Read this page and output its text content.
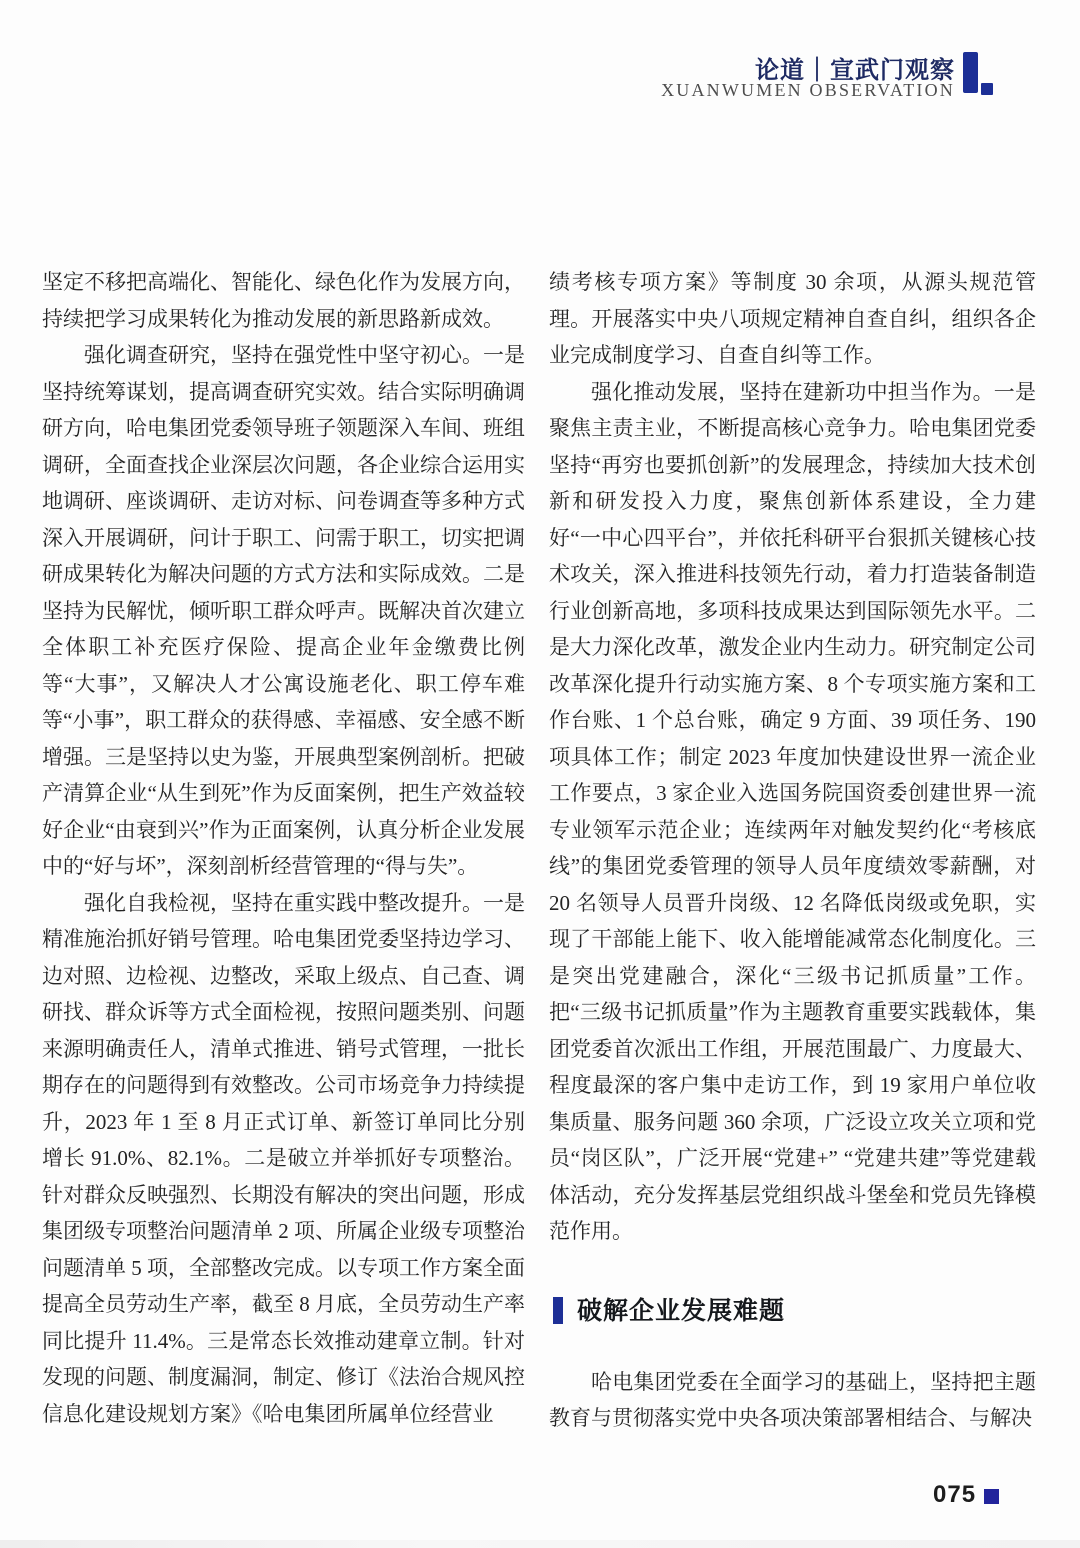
论道｜宣武门观察
XUANWUMEN OBSERVATION

坚定不移把高端化、智能化、绿色化作为发展方向，持续把学习成果转化为推动发展的新思路新成效。

强化调查研究，坚持在强党性中坚守初心。一是坚持统筹谋划，提高调查研究实效。结合实际明确调研方向，哈电集团党委领导班子领题深入车间、班组调研，全面查找企业深层次问题，各企业综合运用实地调研、座谈调研、走访对标、问卷调查等多种方式深入开展调研，问计于职工、问需于职工，切实把调研成果转化为解决问题的方式方法和实际成效。二是坚持为民解忧，倾听职工群众呼声。既解决首次建立全体职工补充医疗保险、提高企业年金缴费比例等“大事”，又解决人才公寓设施老化、职工停车难等“小事”，职工群众的获得感、幸福感、安全感不断增强。三是坚持以史为鉴，开展典型案例剖析。把破产清算企业“从生到死”作为反面案例，把生产效益较好企业“由衰到兴”作为正面案例，认真分析企业发展中的“好与坏”，深刻剖析经营管理的“得与失”。

强化自我检视，坚持在重实践中整改提升。一是精准施治抓好销号管理。哈电集团党委坚持边学习、边对照、边检视、边整改，采取上级点、自己查、调研找、群众诉等方式全面检视，按照问题类别、问题来源明确责任人，清单式推进、销号式管理，一批长期存在的问题得到有效整改。公司市场竞争力持续提升，2023 年 1 至 8 月正式订单、新签订单同比分别增长 91.0%、82.1%。二是破立并举抓好专项整治。针对群众反映强烈、长期没有解决的突出问题，形成集团级专项整治问题清单 2 项、所属企业级专项整治问题清单 5 项，全部整改完成。以专项工作方案全面提高全员劳动生产率，截至 8 月底，全员劳动生产率同比提升 11.4%。三是常态长效推动建章立制。针对发现的问题、制度漏洞，制定、修订《法治合规风控信息化建设规划方案》《哈电集团所属单位经营业

绩考核专项方案》等制度 30 余项，从源头规范管理。开展落实中央八项规定精神自查自纠，组织各企业完成制度学习、自查自纠等工作。

强化推动发展，坚持在建新功中担当作为。一是聚焦主责主业，不断提高核心竞争力。哈电集团党委坚持“再穷也要抓创新”的发展理念，持续加大技术创新和研发投入力度，聚焦创新体系建设，全力建好“一中心四平台”，并依托科研平台狠抓关键核心技术攻关，深入推进科技领先行动，着力打造装备制造行业创新高地，多项科技成果达到国际领先水平。二是大力深化改革，激发企业内生动力。研究制定公司改革深化提升行动实施方案、8 个专项实施方案和工作台账、1 个总台账，确定 9 方面、39 项任务、190 项具体工作；制定 2023 年度加快建设世界一流企业工作要点，3 家企业入选国务院国资委创建世界一流专业领军示范企业；连续两年对触发契约化“考核底线”的集团党委管理的领导人员年度绩效零薪酬，对 20 名领导人员晋升岗级、12 名降低岗级或免职，实现了干部能上能下、收入能增能减常态化制度化。三是突出党建融合，深化“三级书记抓质量”工作。把“三级书记抓质量”作为主题教育重要实践载体，集团党委首次派出工作组，开展范围最广、力度最大、程度最深的客户集中走访工作，到 19 家用户单位收集质量、服务问题 360 余项，广泛设立攻关立项和党员“岗区队”，广泛开展“党建+” “党建共建”等党建载体活动，充分发挥基层党组织战斗堡垒和党员先锋模范作用。

破解企业发展难题

哈电集团党委在全面学习的基础上，坚持把主题教育与贯彻落实党中央各项决策部署相结合、与解决

075
